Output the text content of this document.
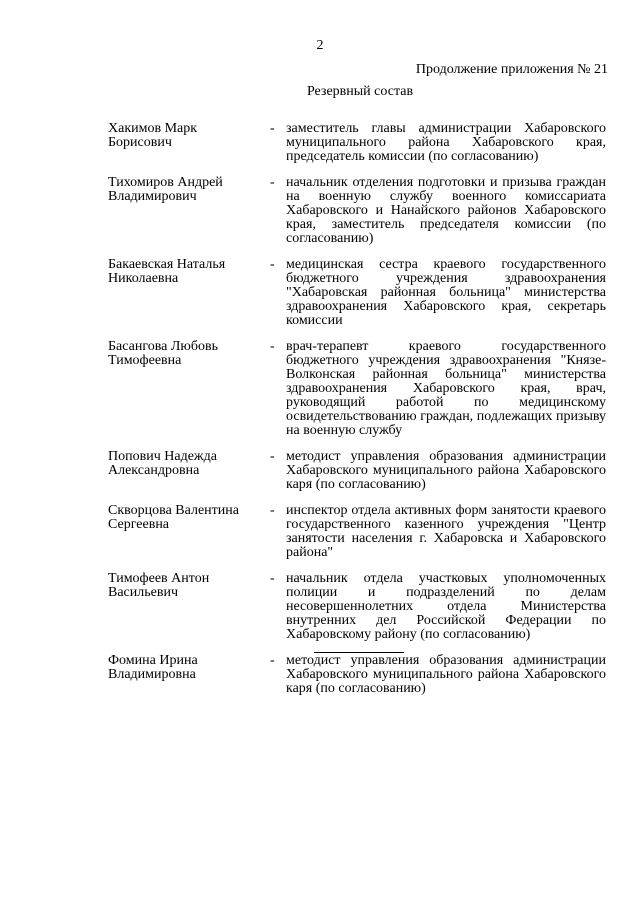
2
Продолжение приложения № 21
Резервный состав
Хакимов Марк
Борисович
- заместитель главы администрации Хабаровского муниципального района Хабаровского края, председатель комиссии (по согласованию)
Тихомиров Андрей
Владимирович
- начальник отделения подготовки и призыва граждан на военную службу военного комиссариата Хабаровского и Нанайского районов Хабаровского края, заместитель председателя комиссии (по согласованию)
Бакаевская Наталья
Николаевна
- медицинская сестра краевого государственного бюджетного учреждения здравоохранения "Хабаровская районная больница" министерства здравоохранения Хабаровского края, секретарь комиссии
Басангова Любовь
Тимофеевна
- врач-терапевт краевого государственного бюджетного учреждения здравоохранения "Князе-Волконская районная больница" министерства здравоохранения Хабаровского края, врач, руководящий работой по медицинскому освидетельствованию граждан, подлежащих призыву на военную службу
Попович Надежда
Александровна
- методист управления образования администрации Хабаровского муниципального района Хабаровского каря (по согласованию)
Скворцова Валентина
Сергеевна
- инспектор отдела активных форм занятости краевого государственного казенного учреждения "Центр занятости населения г. Хабаровска и Хабаровского района"
Тимофеев Антон
Васильевич
- начальник отдела участковых уполномоченных полиции и подразделений по делам несовершеннолетних отдела Министерства внутренних дел Российской Федерации по Хабаровскому району (по согласованию)
Фомина Ирина
Владимировна
- методист управления образования администрации Хабаровского муниципального района Хабаровского каря (по согласованию)
